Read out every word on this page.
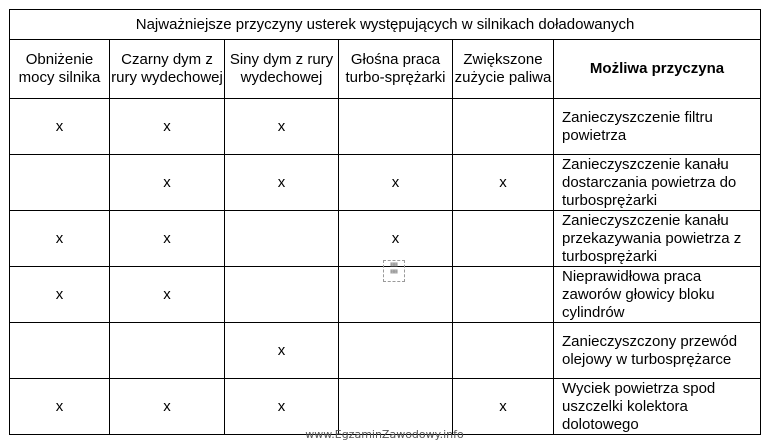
Najważniejsze przyczyny usterek występujących w silnikach doładowanych					
Obniżenie mocy silnika	Czarny dym z rury wydechowej	Siny dym z rury wydechowej	Głośna praca turbo-sprężarki	Zwiększone zużycie paliwa	Możliwa przyczyna
x	x	x			Zanieczyszczenie filtru powietrza
	x	x	x	x	Zanieczyszczenie kanału dostarczania powietrza do turbosprężarki
x	x		x		Zanieczyszczenie kanału przekazywania powietrza z turbosprężarki
x	x				Nieprawidłowa praca zaworów głowicy bloku cylindrów
		x			Zanieczyszczony przewód olejowy w turbosprężarce
x	x	x		x	Wyciek powietrza spod uszczelki kolektora dolotowego
▦▦
▦▦
www.EgzaminZawodowy.info
